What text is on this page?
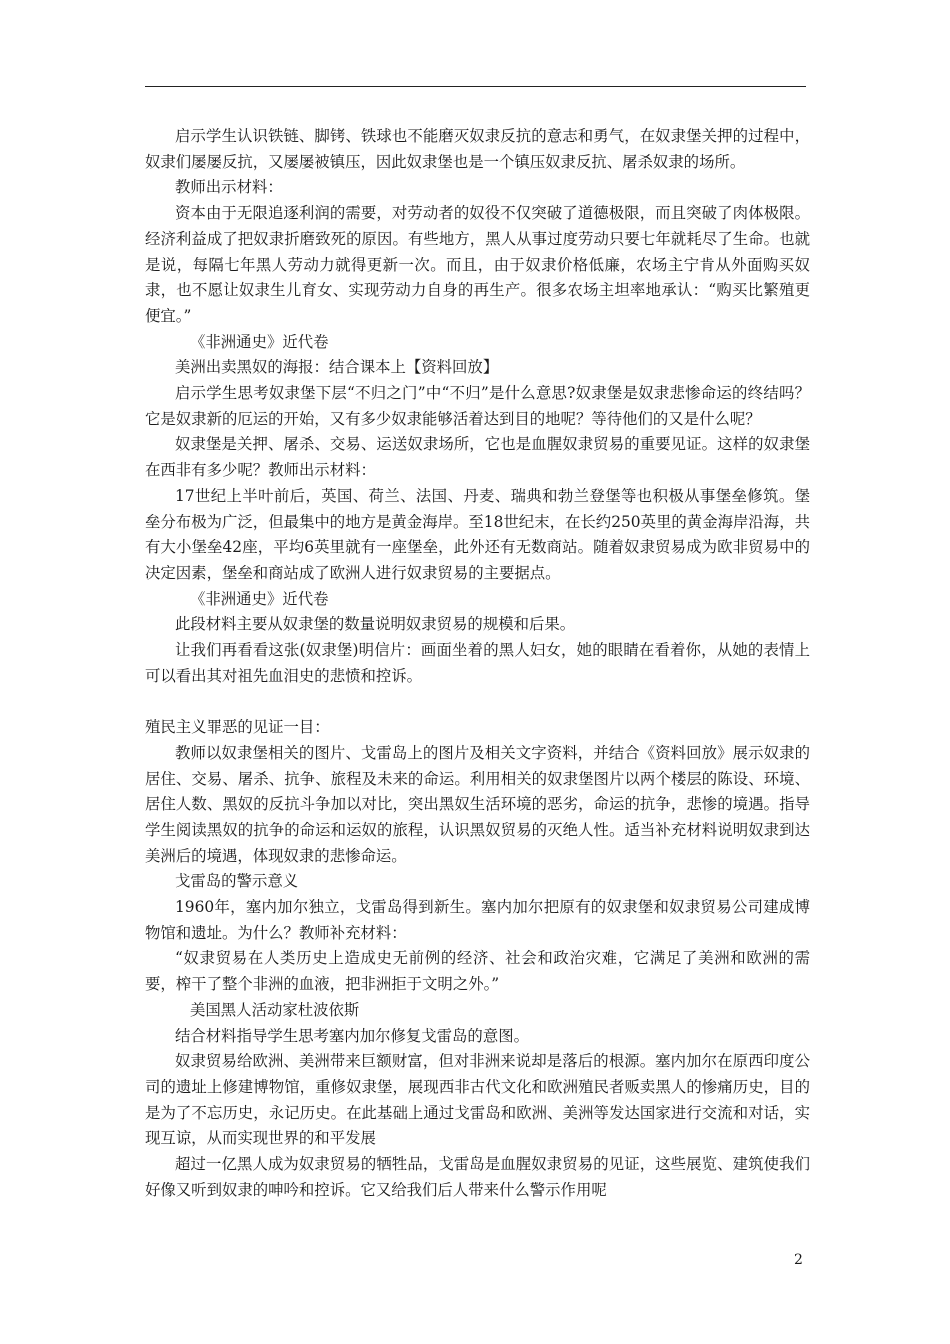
启示学生认识铁链、脚铐、铁球也不能磨灭奴隶反抗的意志和勇气，在奴隶堡关押的过程中，奴隶们屡屡反抗，又屡屡被镇压，因此奴隶堡也是一个镇压奴隶反抗、屠杀奴隶的场所。

教师出示材料：

资本由于无限追逐利润的需要，对劳动者的奴役不仅突破了道德极限，而且突破了肉体极限。经济利益成了把奴隶折磨致死的原因。有些地方，黑人从事过度劳动只要七年就耗尽了生命。也就是说，每隔七年黑人劳动力就得更新一次。而且，由于奴隶价格低廉，农场主宁肯从外面购买奴隶，也不愿让奴隶生儿育女、实现劳动力自身的再生产。很多农场主坦率地承认：“购买比繁殖更便宜。”

《非洲通史》近代卷

美洲出卖黑奴的海报：结合课本上【资料回放】

启示学生思考奴隶堡下层“不归之门”中“不归”是什么意思?奴隶堡是奴隶悲惨命运的终结吗？它是奴隶新的厄运的开始，又有多少奴隶能够活着达到目的地呢？等待他们的又是什么呢？

奴隶堡是关押、屠杀、交易、运送奴隶场所，它也是血腥奴隶贸易的重要见证。这样的奴隶堡在西非有多少呢？教师出示材料：

17世纪上半叶前后，英国、荷兰、法国、丹麦、瑞典和勃兰登堡等也积极从事堡垒修筑。堡垒分布极为广泛，但最集中的地方是黄金海岸。至18世纪末，在长约250英里的黄金海岸沿海，共有大小堡垒42座，平均6英里就有一座堡垒，此外还有无数商站。随着奴隶贸易成为欧非贸易中的决定因素，堡垒和商站成了欧洲人进行奴隶贸易的主要据点。

《非洲通史》近代卷

此段材料主要从奴隶堡的数量说明奴隶贸易的规模和后果。

让我们再看看这张(奴隶堡)明信片：画面坐着的黑人妇女，她的眼睛在看着你，从她的表情上可以看出其对祖先血泪史的悲愤和控诉。

殖民主义罪恶的见证一目：

教师以奴隶堡相关的图片、戈雷岛上的图片及相关文字资料，并结合《资料回放》展示奴隶的居住、交易、屠杀、抗争、旅程及未来的命运。利用相关的奴隶堡图片以两个楼层的陈设、环境、居住人数、黑奴的反抗斗争加以对比，突出黑奴生活环境的恶劣，命运的抗争，悲惨的境遇。指导学生阅读黑奴的抗争的命运和运奴的旅程，认识黑奴贸易的灭绝人性。适当补充材料说明奴隶到达美洲后的境遇，体现奴隶的悲惨命运。

戈雷岛的警示意义

1960年，塞内加尔独立，戈雷岛得到新生。塞内加尔把原有的奴隶堡和奴隶贸易公司建成博物馆和遗址。为什么？教师补充材料：

“奴隶贸易在人类历史上造成史无前例的经济、社会和政治灾难，它满足了美洲和欧洲的需要，榨干了整个非洲的血液，把非洲拒于文明之外。”

美国黑人活动家杜波依斯

结合材料指导学生思考塞内加尔修复戈雷岛的意图。

奴隶贸易给欧洲、美洲带来巨额财富，但对非洲来说却是落后的根源。塞内加尔在原西印度公司的遗址上修建博物馆，重修奴隶堡，展现西非古代文化和欧洲殖民者贩卖黑人的惨痛历史，目的是为了不忘历史，永记历史。在此基础上通过戈雷岛和欧洲、美洲等发达国家进行交流和对话，实现互谅，从而实现世界的和平发展

超过一亿黑人成为奴隶贸易的牺牲品，戈雷岛是血腥奴隶贸易的见证，这些展览、建筑使我们好像又听到奴隶的呻吟和控诉。它又给我们后人带来什么警示作用呢

2
